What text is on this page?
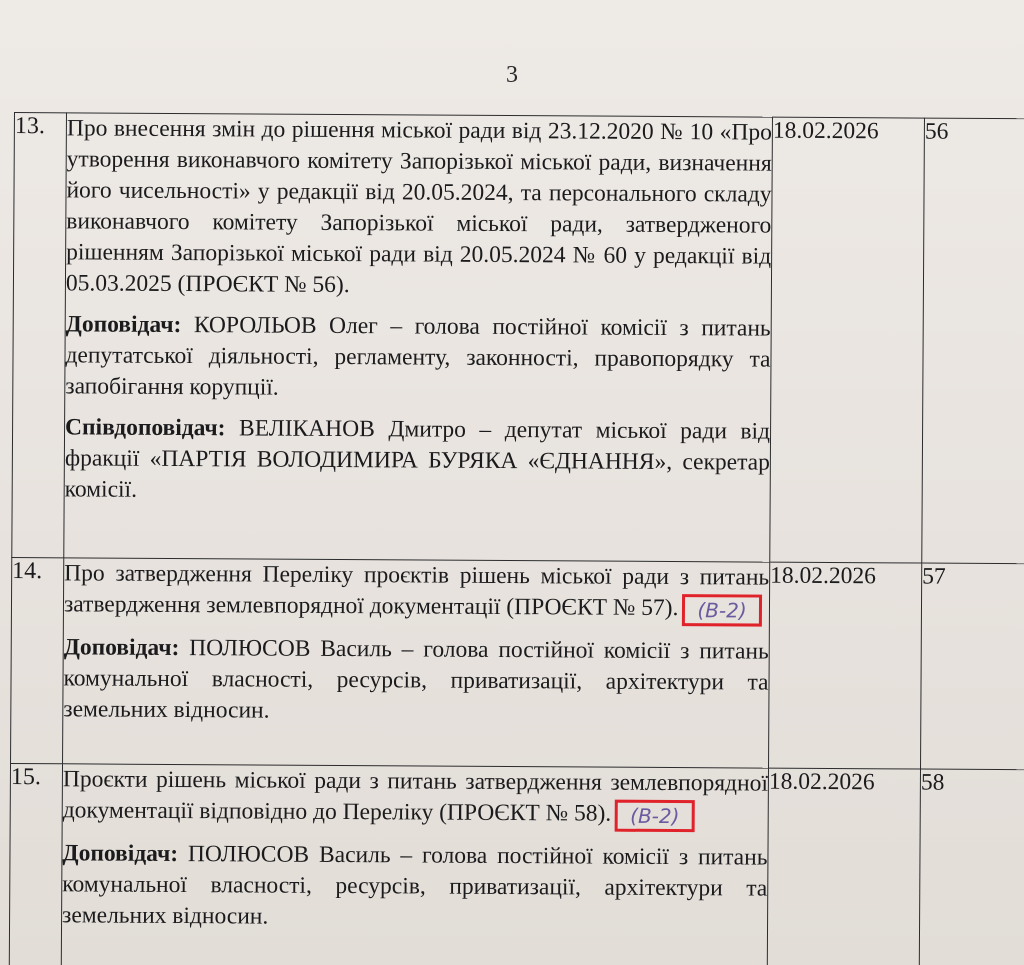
3
13.	Про внесення змін до рішення міської ради від 23.12.2020 № 10 «Про утворення виконавчого комітету Запорізької міської ради, визначення його чисельності» у редакції від 20.05.2024, та персонального складу виконавчого комітету Запорізької міської ради, затвердженого рішенням Запорізької міської ради від 20.05.2024 № 60 у редакції від 05.03.2025 (ПРОЄКТ № 56).

Доповідач: КОРОЛЬОВ Олег – голова постійної комісії з питань депутатської діяльності, регламенту, законності, правопорядку та запобігання корупції.

Співдоповідач: ВЕЛІКАНОВ Дмитро – депутат міської ради від фракції «ПАРТІЯ ВОЛОДИМИРА БУРЯКА «ЄДНАННЯ», секретар комісії.	18.02.2026	56
14.	Про затвердження Переліку проєктів рішень міської ради з питань затвердження землевпорядної документації (ПРОЄКТ № 57). (В-2)

Доповідач: ПОЛЮСОВ Василь – голова постійної комісії з питань комунальної власності, ресурсів, приватизації, архітектури та земельних відносин.	18.02.2026	57
15.	Проєкти рішень міської ради з питань затвердження землевпорядної документації відповідно до Переліку (ПРОЄКТ № 58). (В-2)

Доповідач: ПОЛЮСОВ Василь – голова постійної комісії з питань комунальної власності, ресурсів, приватизації, архітектури та земельних відносин.	18.02.2026	58
